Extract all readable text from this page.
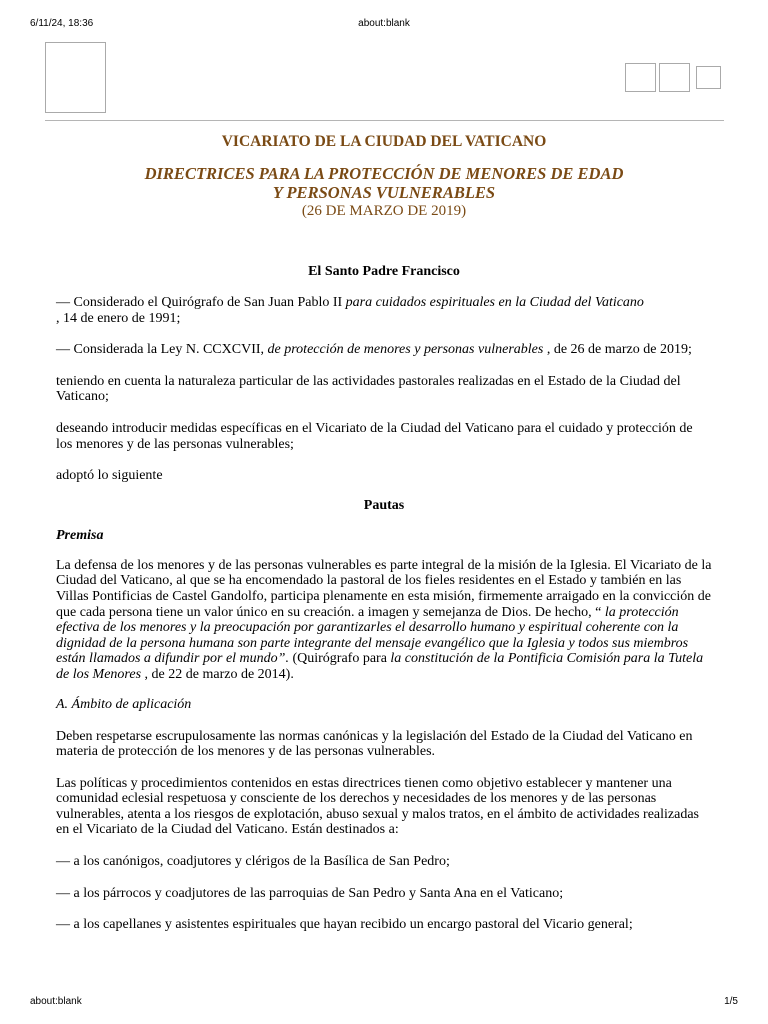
6/11/24, 18:36	about:blank

VICARIATO DE LA CIUDAD DEL VATICANO

DIRECTRICES PARA LA PROTECCIÓN DE MENORES DE EDAD

Y PERSONAS VULNERABLES

(26 DE MARZO DE 2019)

El Santo Padre Francisco

— Considerado el Quirógrafo de San Juan Pablo II para cuidados espirituales en la Ciudad del Vaticano
, 14 de enero de 1991;

— Considerada la Ley N. CCXCVII, de protección de menores y personas vulnerables , de 26 de marzo de 2019;

teniendo en cuenta la naturaleza particular de las actividades pastorales realizadas en el Estado de la Ciudad del Vaticano;

deseando introducir medidas específicas en el Vicariato de la Ciudad del Vaticano para el cuidado y protección de los menores y de las personas vulnerables;

adoptó lo siguiente

Pautas

Premisa

La defensa de los menores y de las personas vulnerables es parte integral de la misión de la Iglesia. El Vicariato de la Ciudad del Vaticano, al que se ha encomendado la pastoral de los fieles residentes en el Estado y también en las Villas Pontificias de Castel Gandolfo, participa plenamente en esta misión, firmemente arraigado en la convicción de que cada persona tiene un valor único en su creación. a imagen y semejanza de Dios. De hecho, “ la protección efectiva de los menores y la preocupación por garantizarles el desarrollo humano y espiritual coherente con la dignidad de la persona humana son parte integrante del mensaje evangélico que la Iglesia y todos sus miembros están llamados a difundir por el mundo”. (Quirógrafo para la constitución de la Pontificia Comisión para la Tutela de los Menores , de 22 de marzo de 2014).

A. Ámbito de aplicación

Deben respetarse escrupulosamente las normas canónicas y la legislación del Estado de la Ciudad del Vaticano en materia de protección de los menores y de las personas vulnerables.

Las políticas y procedimientos contenidos en estas directrices tienen como objetivo establecer y mantener una comunidad eclesial respetuosa y consciente de los derechos y necesidades de los menores y de las personas vulnerables, atenta a los riesgos de explotación, abuso sexual y malos tratos, en el ámbito de actividades realizadas en el Vicariato de la Ciudad del Vaticano. Están destinados a:

— a los canónigos, coadjutores y clérigos de la Basílica de San Pedro;

— a los párrocos y coadjutores de las parroquias de San Pedro y Santa Ana en el Vaticano;

— a los capellanes y asistentes espirituales que hayan recibido un encargo pastoral del Vicario general;

about:blank	1/5
